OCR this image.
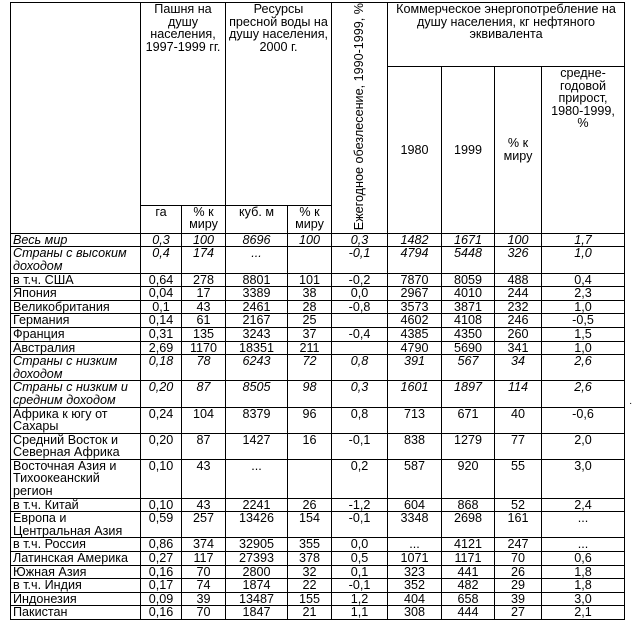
	Пашня на душу населения, 1997-1999 гг.		Ресурсы пресной воды на душу населения, 2000 г.		Ежегодное обезлесение, 1990-1999, %	Коммерческое энергопотребление на душу населения, кг нефтяного эквивалента			
						1980	1999	% к миру	средне-годовой прирост, 1980-1999, %
	га	% к миру	куб. м	% к миру					
Весь мир	0,3	100	8696	100	0,3	1482	1671	100	1,7
Страны с высоким доходом	0,4	174	...		-0,1	4794	5448	326	1,0
в т.ч. США	0,64	278	8801	101	-0,2	7870	8059	488	0,4
Япония	0,04	17	3389	38	0,0	2967	4010	244	2,3
Великобритания	0,1	43	2461	28	-0,8	3573	3871	232	1,0
Германия	0,14	61	2167	25		4602	4108	246	-0,5
Франция	0,31	135	3243	37	-0,4	4385	4350	260	1,5
Австралия	2,69	1170	18351	211		4790	5690	341	1,0
Страны с низким доходом	0,18	78	6243	72	0,8	391	567	34	2,6
Страны с низким и средним доходом	0,20	87	8505	98	0,3	1601	1897	114	2,6
Африка к югу от Сахары	0,24	104	8379	96	0,8	713	671	40	-0,6
Средний Восток и Северная Африка	0,20	87	1427	16	-0,1	838	1279	77	2,0
Восточная Азия и Тихоокеанский регион	0,10	43	...		0,2	587	920	55	3,0
в т.ч. Китай	0,10	43	2241	26	-1,2	604	868	52	2,4
Европа и Центральная Азия	0,59	257	13426	154	-0,1	3348	2698	161	...
в т.ч. Россия	0,86	374	32905	355	0,0	...	4121	247	...
Латинская Америка	0,27	117	27393	378	0,5	1071	1171	70	0,6
Южная Азия	0,16	70	2800	32	0,1	323	441	26	1,8
в т.ч. Индия	0,17	74	1874	22	-0,1	352	482	29	1,8
Индонезия	0,09	39	13487	155	1,2	404	658	39	3,0
Пакистан	0,16	70	1847	21	1,1	308	444	27	2,1
·
